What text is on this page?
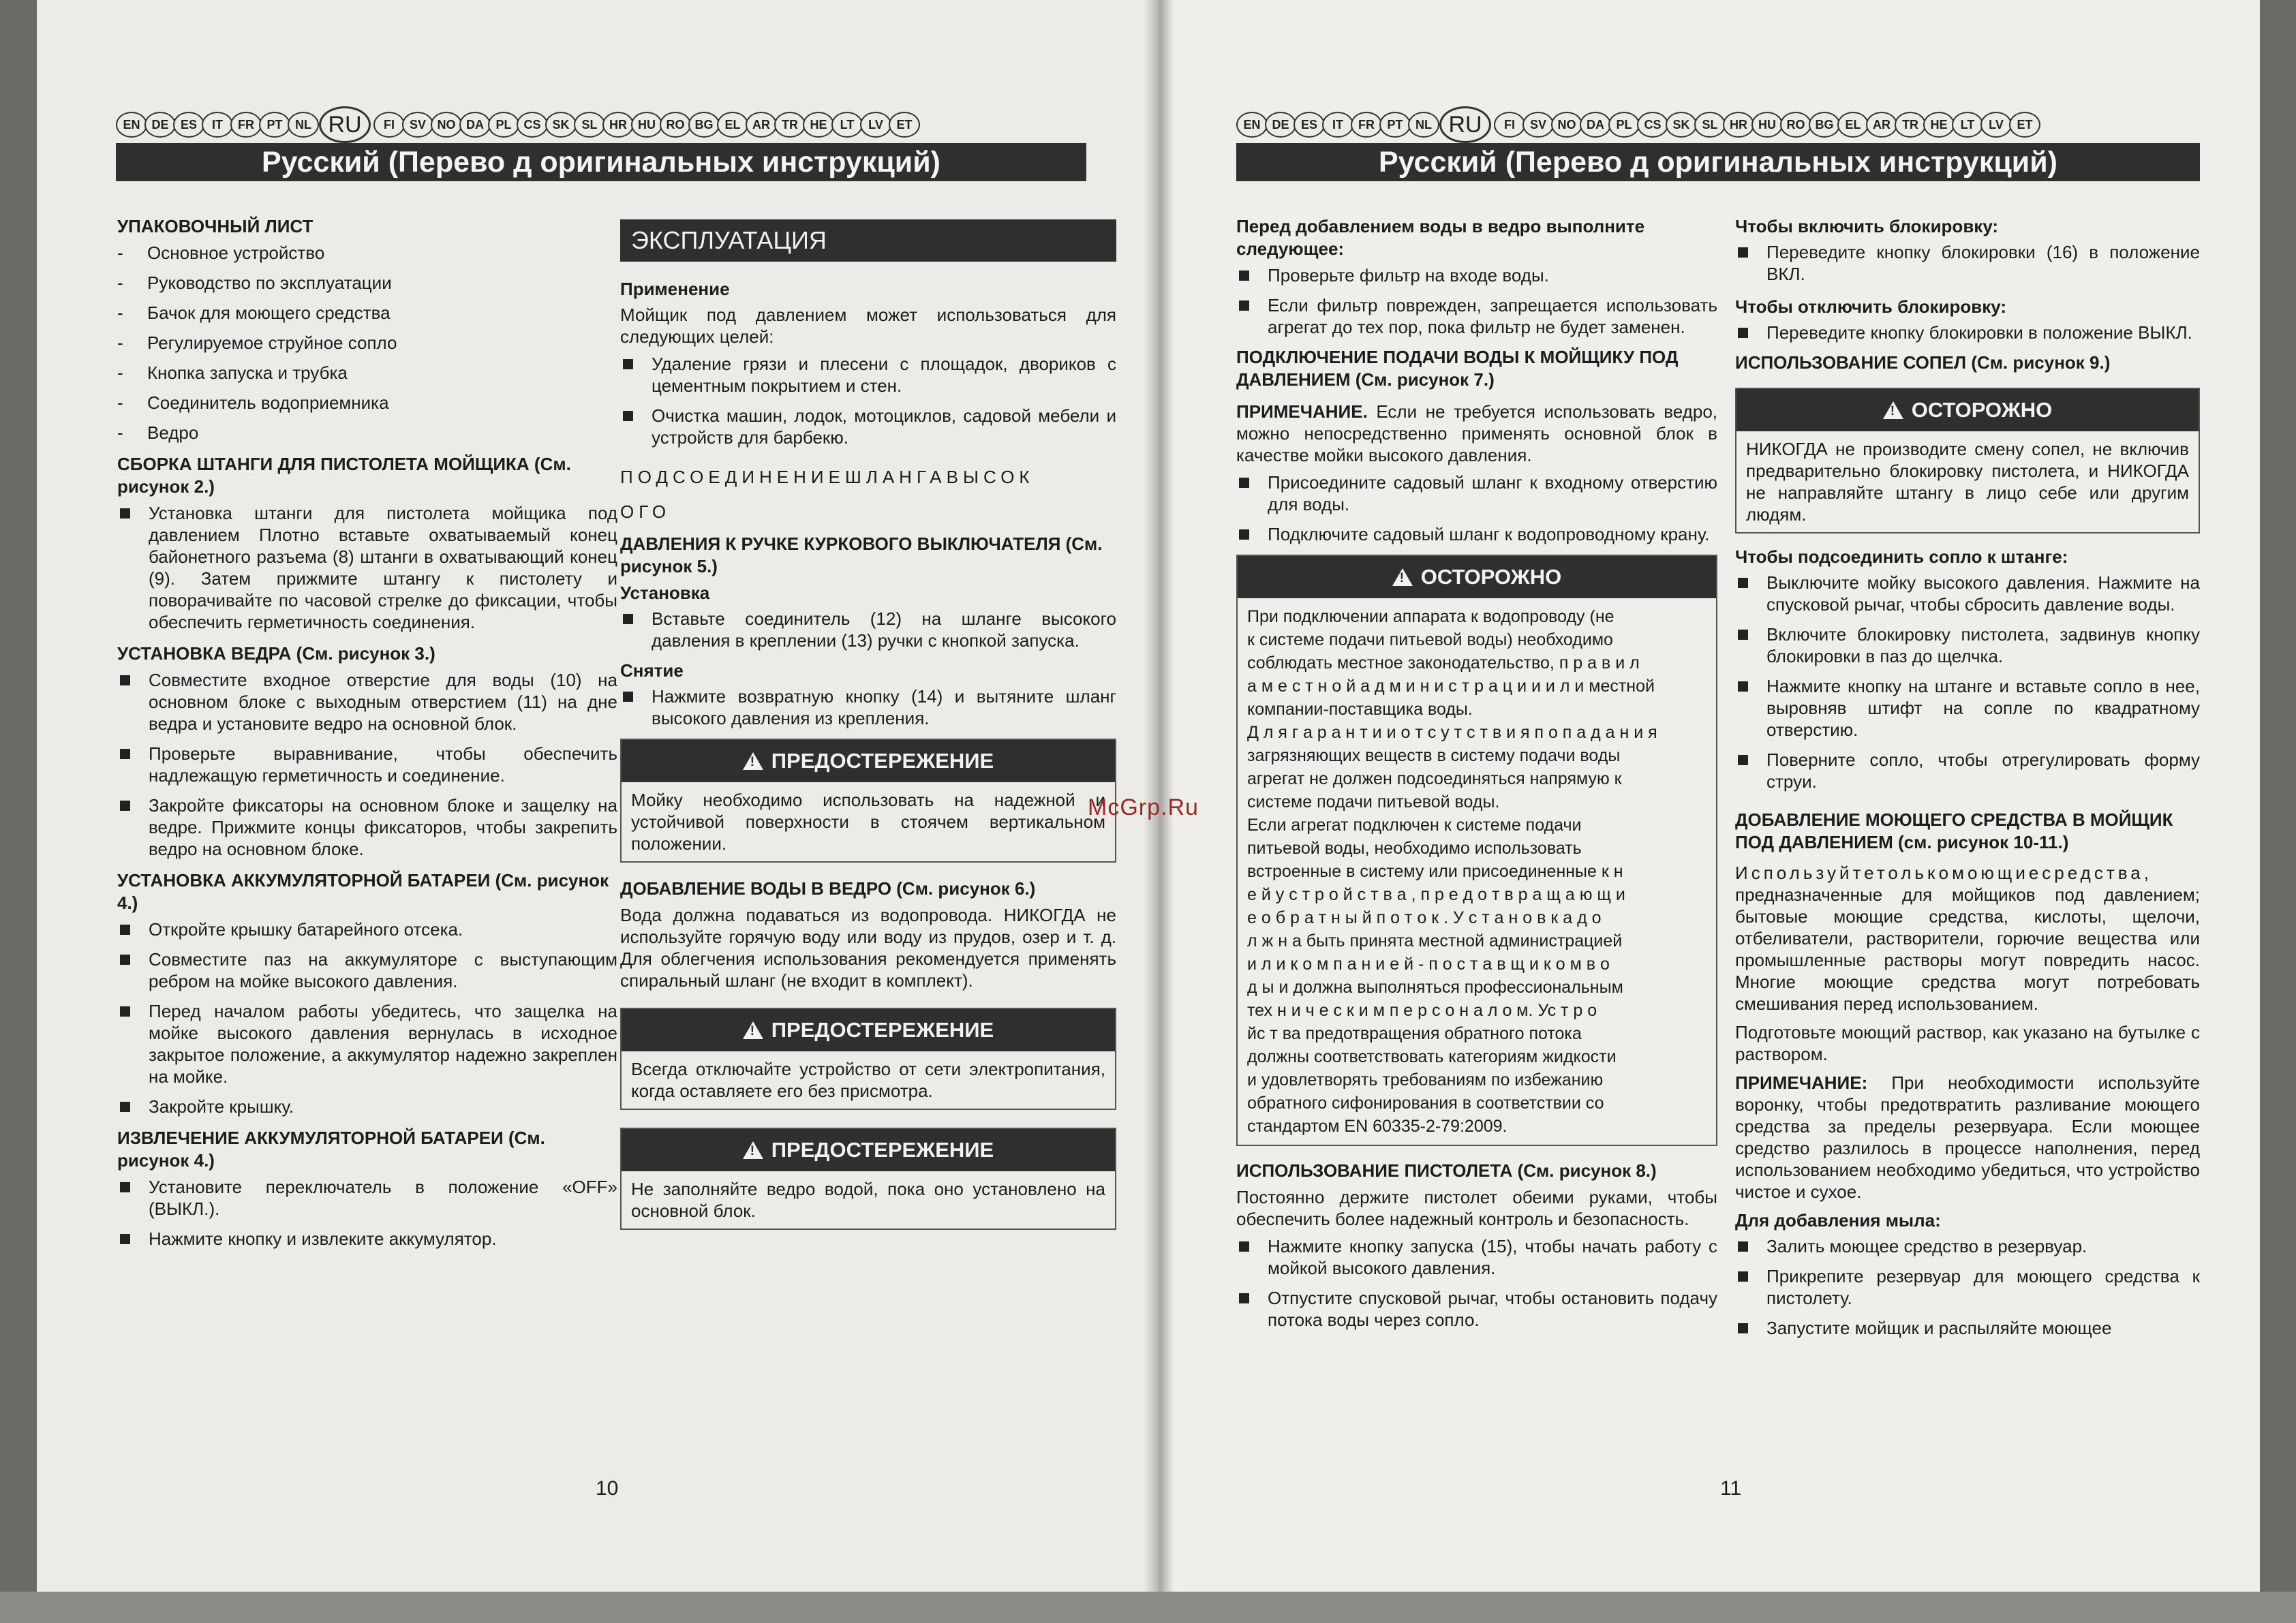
EN DE ES	IT	FR	PT	NL RU	FI	SV NO DA PL CS SK SL HR HU RO BG EL AR TR HE	LT	LV	ET
Русский (Перево д оригинальных инструкций)
УПАКОВОЧНЫЙ ЛИСТ
- Основное устройство
- Руководство по эксплуатации
- Бачок для моющего средства
- Регулируемое струйное сопло
- Кнопка запуска и трубка
- Соединитель водоприемника
- Ведро
СБОРКА ШТАНГИ ДЛЯ ПИСТОЛЕТА МОЙЩИКА (См. рисунок 2.)
Установка штанги для пистолета мойщика под давлением Плотно вставьте охватываемый конец байонетного разъема (8) штанги в охватывающий конец (9). Затем прижмите штангу к пистолету и поворачивайте по часовой стрелке до фиксации, чтобы обеспечить герметичность соединения.
УСТАНОВКА ВЕДРА (См. рисунок 3.)
Совместите входное отверстие для воды (10) на основном блоке с выходным отверстием (11) на дне ведра и установите ведро на основной блок.
Проверьте выравнивание, чтобы обеспечить надлежащую герметичность и соединение.
Закройте фиксаторы на основном блоке и защелку на ведре. Прижмите концы фиксаторов, чтобы закрепить ведро на основном блоке.
УСТАНОВКА АККУМУЛЯТОРНОЙ БАТАРЕИ (См. рисунок 4.)
Откройте крышку батарейного отсека.
Совместите паз на аккумуляторе с выступающим ребром на мойке высокого давления.
Перед началом работы убедитесь, что защелка на мойке высокого давления вернулась в исходное закрытое положение, а аккумулятор надежно закреплен на мойке.
Закройте крышку.
ИЗВЛЕЧЕНИЕ АККУМУЛЯТОРНОЙ БАТАРЕИ (См. рисунок 4.)
Установите переключатель в положение «OFF» (ВЫКЛ.).
Нажмите кнопку и извлеките аккумулятор.
ЭКСПЛУАТАЦИЯ
Применение
Мойщик под давлением может использоваться для следующих целей:
Удаление грязи и плесени с площадок, двориков с цементным покрытием и стен.
Очистка машин, лодок, мотоциклов, садовой мебели и устройств для барбекю.
ПОДСОЕДИНЕНИЕШЛАНГАВЫСОК
ОГО
ДАВЛЕНИЯ К РУЧКЕ КУРКОВОГО ВЫКЛЮЧАТЕЛЯ (См. рисунок 5.)
Установка
Вставьте соединитель (12) на шланге высокого давления в креплении (13) ручки с кнопкой запуска.
Снятие
Нажмите возвратную кнопку (14) и вытяните шланг высокого давления из крепления.
!
ПРЕДОСТЕРЕЖЕНИЕ
Мойку необходимо использовать на надежной и устойчивой поверхности в стоячем вертикальном положении.
ДОБАВЛЕНИЕ ВОДЫ В ВЕДРО (См. рисунок 6.)
Вода должна подаваться из водопровода. НИКОГДА не используйте горячую воду или воду из прудов, озер и т. д. Для облегчения использования рекомендуется применять спиральный шланг (не входит в комплект).
!
ПРЕДОСТЕРЕЖЕНИЕ
Всегда отключайте устройство от сети электропитания, когда оставляете его без присмотра.
!
ПРЕДОСТЕРЕЖЕНИЕ
Не заполняйте ведро водой, пока оно установлено на основной блок.
10
EN DE ES	IT	FR	PT	NL RU	FI	SV NO DA PL CS SK SL HR HU RO BG EL AR TR HE	LT	LV	ET
Русский (Перево д оригинальных инструкций)
Перед добавлением воды в ведро выполните следующее:
Проверьте фильтр на входе воды.
Если фильтр поврежден, запрещается использовать агрегат до тех пор, пока фильтр не будет заменен.
ПОДКЛЮЧЕНИЕ ПОДАЧИ ВОДЫ К МОЙЩИКУ ПОД ДАВЛЕНИЕМ (См. рисунок 7.)
ПРИМЕЧАНИЕ. Если не требуется использовать ведро, можно непосредственно применять основной блок в качестве мойки высокого давления.
Присоедините садовый шланг к входному отверстию для воды.
Подключите садовый шланг к водопроводному крану.
!
ОСТОРОЖНО
При подключении аппарата к водопроводу (не
к системе подачи питьевой воды) необходимо
соблюдать местное законодательство, п р а в и л
а м е с т н о й а д м и н и с т р а ц и и и л и местной
компании-поставщика воды.
Д л я г а р а н т и и о т с у т с т в и я п о п а д а н и я
загрязняющих веществ в систему подачи воды
агрегат не должен подсоединяться напрямую к
системе подачи питьевой воды.
Если агрегат подключен к системе подачи
питьевой воды, необходимо использовать
встроенные в систему или присоединенные к н
е й у с т р о й с т в а , п р е д о т в р а щ а ю щ и
е о б р а т н ы й п о т о к . У с т а н о в к а д о
л ж н а быть принята местной администрацией
и л и к о м п а н и е й - п о с т а в щ и к о м в о
д ы и должна выполняться профессиональным
тех н и ч е с к и м п е р с о н а л о м. Ус т р о
йс т ва предотвращения обратного потока
должны соответствовать категориям жидкости
и удовлетворять требованиям по избежанию
обратного сифонирования в соответствии со
стандартом EN 60335-2-79:2009.
ИСПОЛЬЗОВАНИЕ ПИСТОЛЕТА (См. рисунок 8.)
Постоянно держите пистолет обеими руками, чтобы обеспечить более надежный контроль и безопасность.
Нажмите кнопку запуска (15), чтобы начать работу с мойкой высокого давления.
Отпустите спусковой рычаг, чтобы остановить подачу потока воды через сопло.
Чтобы включить блокировку:
Переведите кнопку блокировки (16) в положение ВКЛ.
Чтобы отключить блокировку:
Переведите кнопку блокировки в положение ВЫКЛ.
ИСПОЛЬЗОВАНИЕ СОПЕЛ (См. рисунок 9.)
!
ОСТОРОЖНО
НИКОГДА не производите смену сопел, не включив предварительно блокировку пистолета, и НИКОГДА не направляйте штангу в лицо себе или другим людям.
Чтобы подсоединить сопло к штанге:
Выключите мойку высокого давления. Нажмите на спусковой рычаг, чтобы сбросить давление воды.
Включите блокировку пистолета, задвинув кнопку блокировки в паз до щелчка.
Нажмите кнопку на штанге и вставьте сопло в нее, выровняв штифт на сопле по квадратному отверстию.
Поверните сопло, чтобы отрегулировать форму струи.
ДОБАВЛЕНИЕ МОЮЩЕГО СРЕДСТВА В МОЙЩИК ПОД ДАВЛЕНИЕМ (см. рисунок 10-11.)
Используйтетолькомоющиесредства,
предназначенные для мойщиков под давлением; бытовые моющие средства, кислоты, щелочи, отбеливатели, растворители, горючие вещества или промышленные растворы могут повредить насос. Многие моющие средства могут потребовать смешивания перед использованием.
Подготовьте моющий раствор, как указано на бутылке с раствором.
ПРИМЕЧАНИЕ: При необходимости используйте воронку, чтобы предотвратить разливание моющего средства за пределы резервуара. Если моющее средство разлилось в процессе наполнения, перед использованием необходимо убедиться, что устройство чистое и сухое.
Для добавления мыла:
Залить моющее средство в резервуар.
Прикрепите резервуар для моющего средства к пистолету.
Запустите мойщик и распыляйте моющее
11
McGrp.Ru
